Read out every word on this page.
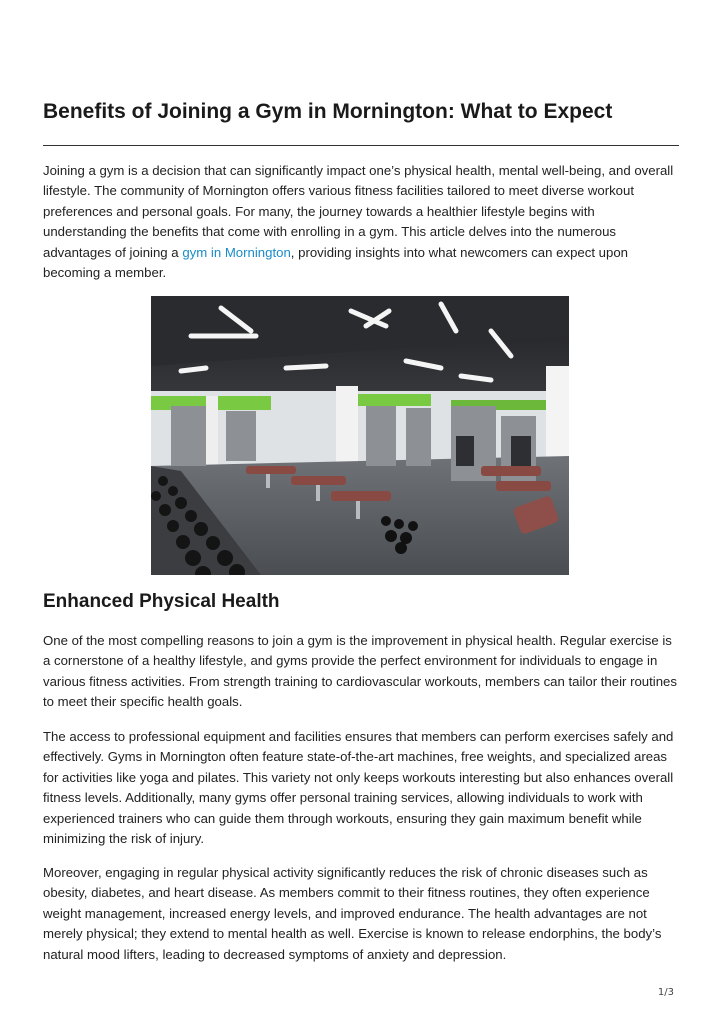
Benefits of Joining a Gym in Mornington: What to Expect

Joining a gym is a decision that can significantly impact one’s physical health, mental well-being, and overall lifestyle. The community of Mornington offers various fitness facilities tailored to meet diverse workout preferences and personal goals. For many, the journey towards a healthier lifestyle begins with understanding the benefits that come with enrolling in a gym. This article delves into the numerous advantages of joining a gym in Mornington, providing insights into what newcomers can expect upon becoming a member.

Enhanced Physical Health

One of the most compelling reasons to join a gym is the improvement in physical health. Regular exercise is a cornerstone of a healthy lifestyle, and gyms provide the perfect environment for individuals to engage in various fitness activities. From strength training to cardiovascular workouts, members can tailor their routines to meet their specific health goals.

The access to professional equipment and facilities ensures that members can perform exercises safely and effectively. Gyms in Mornington often feature state-of-the-art machines, free weights, and specialized areas for activities like yoga and pilates. This variety not only keeps workouts interesting but also enhances overall fitness levels. Additionally, many gyms offer personal training services, allowing individuals to work with experienced trainers who can guide them through workouts, ensuring they gain maximum benefit while minimizing the risk of injury.

Moreover, engaging in regular physical activity significantly reduces the risk of chronic diseases such as obesity, diabetes, and heart disease. As members commit to their fitness routines, they often experience weight management, increased energy levels, and improved endurance. The health advantages are not merely physical; they extend to mental health as well. Exercise is known to release endorphins, the body’s natural mood lifters, leading to decreased symptoms of anxiety and depression.

1/3
